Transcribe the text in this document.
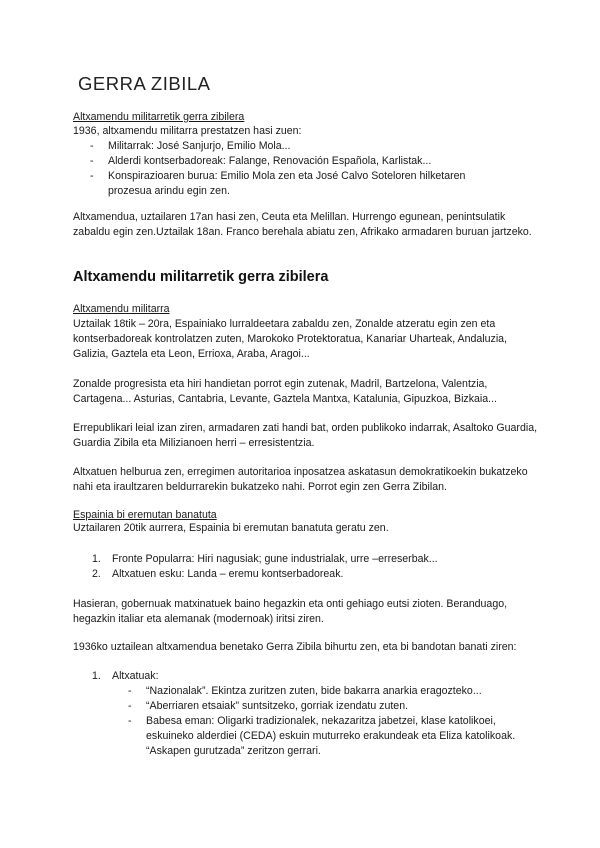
GERRA ZIBILA

Altxamendu militarretik gerra zibilera

1936, altxamendu militarra prestatzen hasi zuen:

- Militarrak: José Sanjurjo, Emilio Mola...
- Alderdi kontserbadoreak: Falange, Renovación Española, Karlistak...
- Konspirazioaren burua: Emilio Mola zen eta José Calvo Soteloren hilketaren prozesua arindu egin zen.

Altxamendua, uztailaren 17an hasi zen, Ceuta eta Melillan. Hurrengo egunean, penintsulatik zabaldu egin zen.Uztailak 18an. Franco berehala abiatu zen, Afrikako armadaren buruan jartzeko.

Altxamendu militarretik gerra zibilera

Altxamendu militarra

Uztailak 18tik – 20ra, Espainiako lurraldeetara zabaldu zen, Zonalde atzeratu egin zen eta kontserbadoreak kontrolatzen zuten, Marokoko Protektoratua, Kanariar Uharteak, Andaluzia, Galizia, Gaztela eta Leon, Errioxa, Araba, Aragoi...

Zonalde progresista eta hiri handietan porrot egin zutenak, Madril, Bartzelona, Valentzia, Cartagena... Asturias, Cantabria, Levante, Gaztela Mantxa, Katalunia, Gipuzkoa, Bizkaia...

Errepublikari leial izan ziren, armadaren zati handi bat, orden publikoko indarrak, Asaltoko Guardia, Guardia Zibila eta Milizianoen herri – erresistentzia.

Altxatuen helburua zen, erregimen autoritarioa inposatzea askatasun demokratikoekin bukatzeko nahi eta iraultzaren beldurrarekin bukatzeko nahi. Porrot egin zen Gerra Zibilan.

Espainia bi eremutan banatuta

Uztailaren 20tik aurrera, Espainia bi eremutan banatuta geratu zen.

1. Fronte Popularra: Hiri nagusiak; gune industrialak, urre –erreserbak...
2. Altxatuen esku: Landa – eremu kontserbadoreak.

Hasieran, gobernuak matxinatuek baino hegazkin eta onti gehiago eutsi zioten. Beranduago, hegazkin italiar eta alemanak (modernoak) iritsi ziren.

1936ko uztailean altxamendua benetako Gerra Zibila bihurtu zen, eta bi bandotan banati ziren:

1. Altxatuak:
- “Nazionalak”. Ekintza zuritzen zuten, bide bakarra anarkia eragozteko...
- “Aberriaren etsaiak” suntsitzeko, gorriak izendatu zuten.
- Babesa eman: Oligarki tradizionalek, nekazaritza jabetzei, klase katolikoei, eskuineko alderdiei (CEDA) eskuin muturreko erakundeak eta Eliza katolikoak. “Askapen gurutzada” zeritzon gerrari.
